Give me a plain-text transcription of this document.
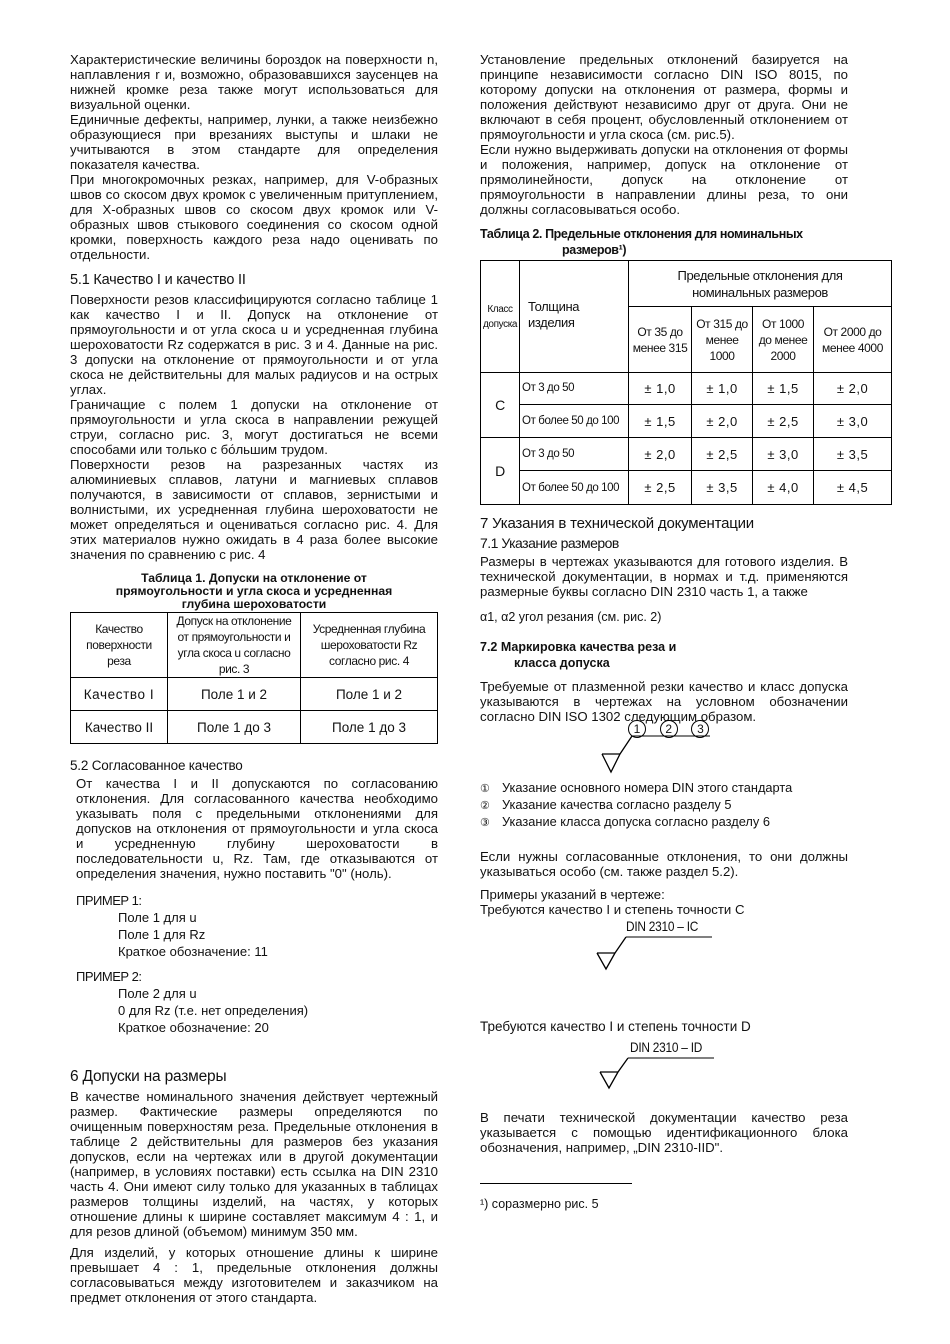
Характеристические величины бороздок на поверхности n, наплавления r и, возможно, образовавшихся заусенцев на нижней кромке реза также могут использоваться для визуальной оценки.

Единичные дефекты, например, лунки, а также неизбежно образующиеся при врезаниях выступы и шлаки не учитываются в этом стандарте для определения показателя качества.

При многокромочных резках, например, для V-образных швов со скосом двух кромок с увеличенным притуплением, для X-образных швов со скосом двух кромок или V-образных швов стыкового соединения со скосом одной кромки, поверхность каждого реза надо оценивать по отдельности.

5.1 Качество I и качество II

Поверхности резов классифицируются согласно таблице 1 как качество I и II. Допуск на отклонение от прямоугольности и от угла скоса u и усредненная глубина шероховатости Rz содержатся в рис. 3 и 4. Данные на рис. 3 допуски на отклонение от прямоугольности и от угла скоса не действительны для малых радиусов и на острых углах.

Граничащие с полем 1 допуски на отклонение от прямоугольности и угла скоса в направлении режущей струи, согласно рис. 3, могут достигаться не всеми способами или только с бо́льшим трудом.

Поверхности резов на разрезанных частях из алюминиевых сплавов, латуни и магниевых сплавов получаются, в зависимости от сплавов, зернистыми и волнистыми, их усредненная глубина шероховатости не может определяться и оцениваться согласно рис. 4. Для этих материалов нужно ожидать в 4 раза более высокие значения по сравнению с рис. 4

Таблица 1. Допуски на отклонение от
прямоугольности и угла скоса и усредненная
глубина шероховатости
Качество поверхности реза	Допуск на отклонение от прямоугольности и угла скоса u согласно рис. 3	Усредненная глубина шероховатости Rz согласно рис. 4
Качество I	Поле 1 и 2	Поле 1 и 2
Качество II	Поле 1 до 3	Поле 1 до 3
5.2 Согласованное качество

От качества I и II допускаются по согласованию отклонения. Для согласованного качества необходимо указывать поля с предельными отклонениями для допусков на отклонения от прямоугольности и угла скоса и усредненную глубину шероховатости в последовательности u, Rz. Там, где отказываются от определения значения, нужно поставить "0" (ноль).

ПРИМЕР 1:
Поле 1 для u
Поле 1 для Rz
Краткое обозначение: 11
ПРИМЕР 2:
Поле 2 для u
0 для Rz (т.е. нет определения)
Краткое обозначение: 20
6 Допуски на размеры

В качестве номинального значения действует чертежный размер. Фактические размеры определяются по очищенным поверхностям реза. Предельные отклонения в таблице 2 действительны для размеров без указания допусков, если на чертежах или в другой документации (например, в условиях поставки) есть ссылка на DIN 2310 часть 4. Они имеют силу только для указанных в таблицах размеров толщины изделий, на частях, у которых отношение длины к ширине составляет максимум 4 : 1, и для резов длиной (объемом) минимум 350 мм.

Для изделий, у которых отношение длины к ширине превышает 4 : 1, предельные отклонения должны согласовываться между изготовителем и заказчиком на предмет отклонения от этого стандарта.

Установление предельных отклонений базируется на принципе независимости согласно DIN ISO 8015, по которому допуски на отклонения от размера, формы и положения действуют независимо друг от друга. Они не включают в себя процент, обусловленный отклонением от прямоугольности и угла скоса (см. рис.5).

Если нужно выдерживать допуски на отклонения от формы и положения, например, допуск на отклонение от прямолинейности, допуск на отклонение от прямоугольности в направлении длины реза, то они должны согласовываться особо.

Таблица 2. Предельные отклонения для номинальных
размеров¹)
Класс допуска	Толщина изделия	Предельные отклонения для номинальных размеров			
		От 35 до менее 315	От 315 до менее 1000	От 1000 до менее 2000	От 2000 до менее 4000
C	От 3 до 50	± 1,0	± 1,0	± 1,5	± 2,0
	От более 50 до 100	± 1,5	± 2,0	± 2,5	± 3,0
D	От 3 до 50	± 2,0	± 2,5	± 3,0	± 3,5
	От более 50 до 100	± 2,5	± 3,5	± 4,0	± 4,5
7 Указания в технической документации
7.1 Указание размеров

Размеры в чертежах указываются для готового изделия. В технической документации, в нормах и т.д. применяются размерные буквы согласно DIN 2310 часть 1, а также

α1, α2 угол резания (см. рис. 2)

7.2 Маркировка качества реза и
класса допуска

Требуемые от плазменной резки качество и класс допуска указываются в чертежах на условном обозначении согласно DIN ISO 1302 следующим образом.

1 2 3
① Указание основного номера DIN этого стандарта
② Указание качества согласно разделу 5
③ Указание класса допуска согласно разделу 6

Если нужны согласованные отклонения, то они должны указываться особо (см. также раздел 5.2).

Примеры указаний в чертеже:
Требуются качество I и степень точности C
DIN 2310 – IC
Требуются качество I и степень точности D
DIN 2310 – ID

В печати технической документации качество реза указывается с помощью идентификационного блока обозначения, например, „DIN 2310-IID".

¹) соразмерно рис. 5
